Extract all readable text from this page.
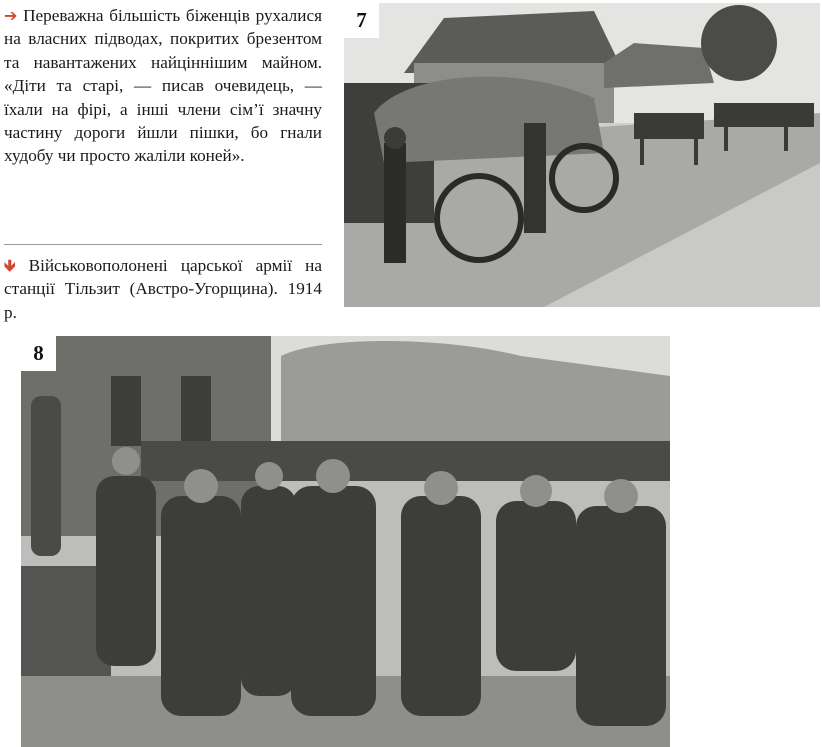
➔ Переважна більшість біженців рухалися на власних підводах, покритих брезентом та навантажених найціннішим майном. «Діти та старі, — писав очевидець, — їхали на фірі, а інші члени сім’ї значну частину дороги йшли пішки, бо гнали худобу чи просто жаліли коней».

🡻 Військовополонені царської армії на станції Тільзит (Австро-Угорщина). 1914 р.

7
8
